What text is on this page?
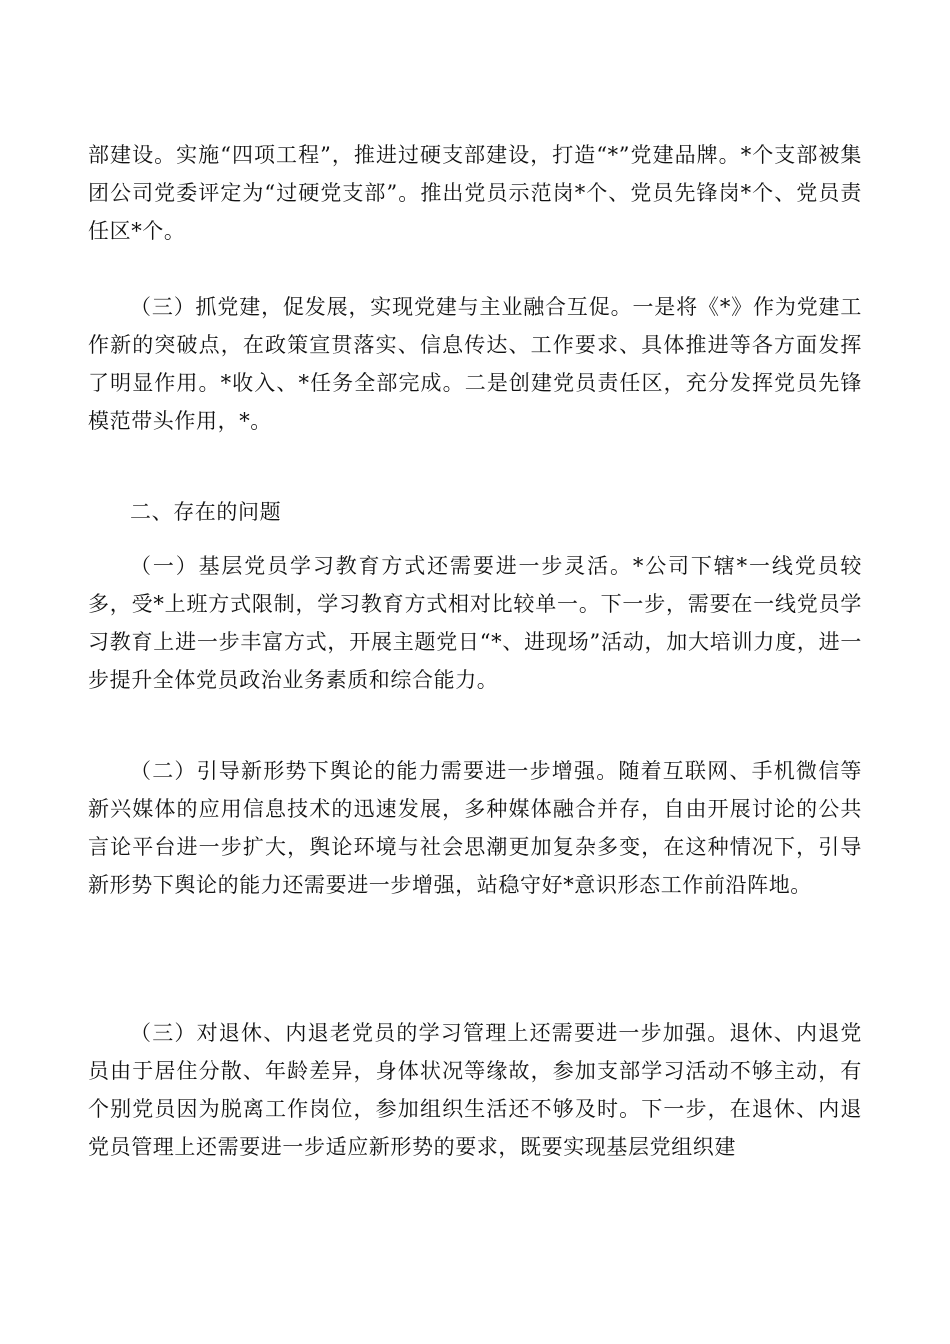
部建设。实施“四项工程”，推进过硬支部建设，打造“*”党建品牌。*个支部被集团公司党委评定为“过硬党支部”。推出党员示范岗*个、党员先锋岗*个、党员责任区*个。

（三）抓党建，促发展，实现党建与主业融合互促。一是将《*》作为党建工作新的突破点，在政策宣贯落实、信息传达、工作要求、具体推进等各方面发挥了明显作用。*收入、*任务全部完成。二是创建党员责任区，充分发挥党员先锋模范带头作用，*。

二、存在的问题

（一）基层党员学习教育方式还需要进一步灵活。*公司下辖*一线党员较多，受*上班方式限制，学习教育方式相对比较单一。下一步，需要在一线党员学习教育上进一步丰富方式，开展主题党日“*、进现场”活动，加大培训力度，进一步提升全体党员政治业务素质和综合能力。

（二）引导新形势下舆论的能力需要进一步增强。随着互联网、手机微信等新兴媒体的应用信息技术的迅速发展，多种媒体融合并存，自由开展讨论的公共言论平台进一步扩大，舆论环境与社会思潮更加复杂多变，在这种情况下，引导新形势下舆论的能力还需要进一步增强，站稳守好*意识形态工作前沿阵地。

（三）对退休、内退老党员的学习管理上还需要进一步加强。退休、内退党员由于居住分散、年龄差异，身体状况等缘故，参加支部学习活动不够主动，有个别党员因为脱离工作岗位，参加组织生活还不够及时。下一步，在退休、内退党员管理上还需要进一步适应新形势的要求，既要实现基层党组织建
